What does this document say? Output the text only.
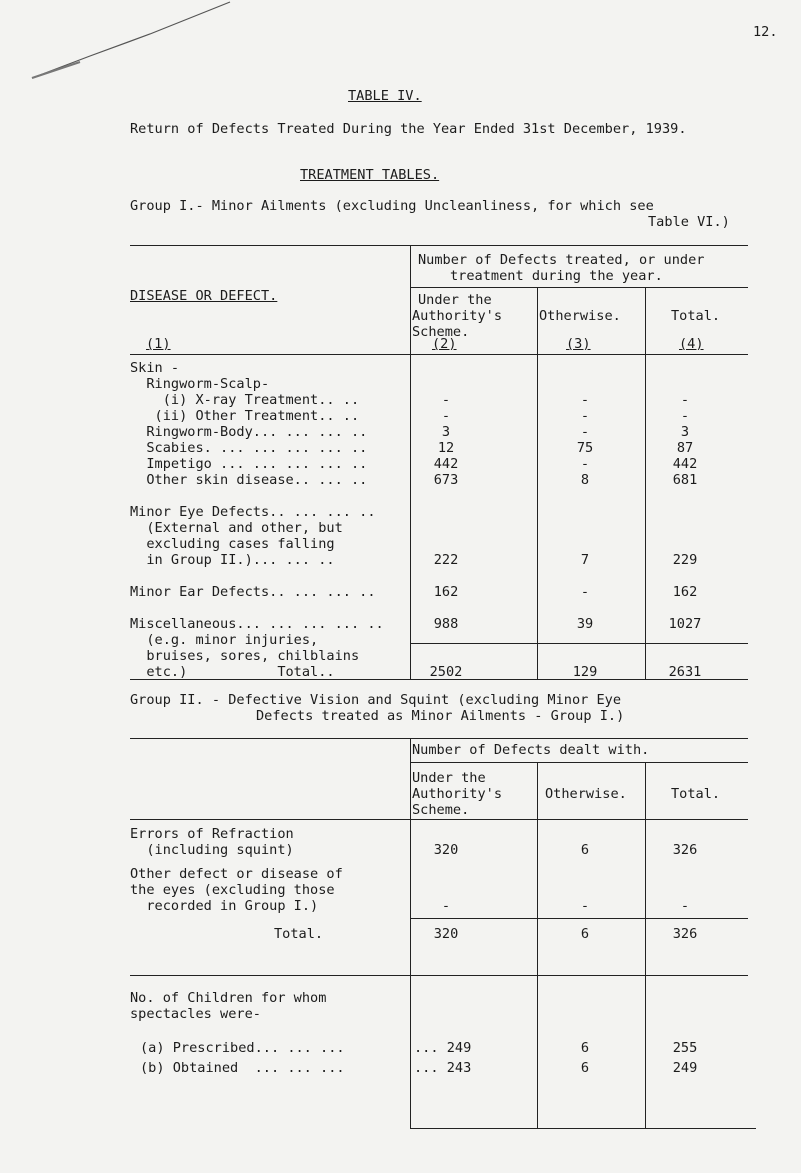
12.
TABLE IV.
Return of Defects Treated During the Year Ended 31st December, 1939.
TREATMENT TABLES.
Group I.- Minor Ailments (excluding Uncleanliness, for which see
Table VI.)
Number of Defects treated, or under
treatment during the year.
DISEASE OR DEFECT.
(1)
Under the
Authority's
Scheme.
(2)
Otherwise.
(3)
Total.
(4)
Skin -
Ringworm-Scalp-
(i) X-ray Treatment.. ..	-	-	-
(ii) Other Treatment.. ..	-	-	-
Ringworm-Body... ... ... ..	3	-	3
Scabies. ... ... ... ... ..	12	75	87
Impetigo ... ... ... ... ..	442	-	442
Other skin disease.. ... ..	673	8	681
Minor Eye Defects.. ... ... ..
(External and other, but
excluding cases falling
in Group II.)... ... ..	222	7	229
Minor Ear Defects.. ... ... ..	162	-	162
Miscellaneous... ... ... ... ..	988	39	1027
(e.g. minor injuries,
bruises, sores, chilblains
etc.)           Total..	2502	129	2631
Group II. - Defective Vision and Squint (excluding Minor Eye
Defects treated as Minor Ailments - Group I.)
Number of Defects dealt with.
Under the
Authority's
Scheme.
Otherwise.	Total.
Errors of Refraction
(including squint)	320	6	326
Other defect or disease of
the eyes (excluding those
recorded in Group I.)	-	-	-
Total.	320	6	326
No. of Children for whom
spectacles were-
(a) Prescribed... ... ...	... 249	6	255
(b) Obtained  ... ... ...	... 243	6	249
